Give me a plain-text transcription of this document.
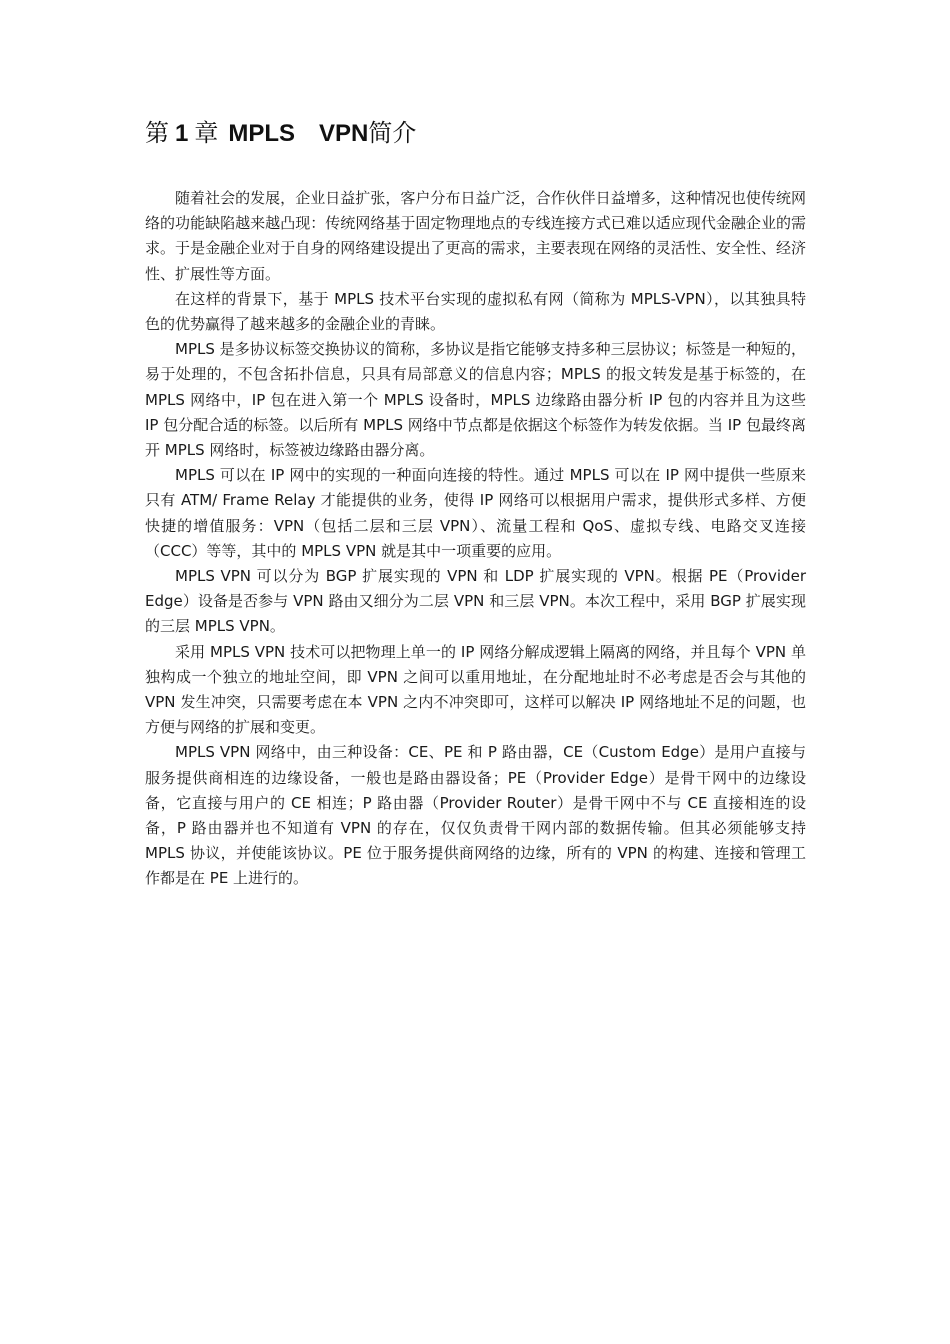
第 1 章 MPLS VPN简介

随着社会的发展，企业日益扩张，客户分布日益广泛，合作伙伴日益增多，这种情况也使传统网络的功能缺陷越来越凸现：传统网络基于固定物理地点的专线连接方式已难以适应现代金融企业的需求。于是金融企业对于自身的网络建设提出了更高的需求，主要表现在网络的灵活性、安全性、经济性、扩展性等方面。

在这样的背景下，基于 MPLS 技术平台实现的虚拟私有网（简称为 MPLS-VPN），以其独具特色的优势赢得了越来越多的金融企业的青睐。

MPLS 是多协议标签交换协议的简称，多协议是指它能够支持多种三层协议；标签是一种短的，易于处理的，不包含拓扑信息，只具有局部意义的信息内容；MPLS 的报文转发是基于标签的，在 MPLS 网络中，IP 包在进入第一个 MPLS 设备时，MPLS 边缘路由器分析 IP 包的内容并且为这些 IP 包分配合适的标签。以后所有 MPLS 网络中节点都是依据这个标签作为转发依据。当 IP 包最终离开 MPLS 网络时，标签被边缘路由器分离。

MPLS 可以在 IP 网中的实现的一种面向连接的特性。通过 MPLS 可以在 IP 网中提供一些原来只有 ATM/ Frame Relay 才能提供的业务，使得 IP 网络可以根据用户需求，提供形式多样、方便快捷的增值服务：VPN（包括二层和三层 VPN）、流量工程和 QoS、虚拟专线、电路交叉连接（CCC）等等，其中的 MPLS VPN 就是其中一项重要的应用。

MPLS VPN 可以分为 BGP 扩展实现的 VPN 和 LDP 扩展实现的 VPN。根据 PE（Provider Edge）设备是否参与 VPN 路由又细分为二层 VPN 和三层 VPN。本次工程中，采用 BGP 扩展实现的三层 MPLS VPN。

采用 MPLS VPN 技术可以把物理上单一的 IP 网络分解成逻辑上隔离的网络，并且每个 VPN 单独构成一个独立的地址空间，即 VPN 之间可以重用地址，在分配地址时不必考虑是否会与其他的 VPN 发生冲突，只需要考虑在本 VPN 之内不冲突即可，这样可以解决 IP 网络地址不足的问题，也方便与网络的扩展和变更。

MPLS VPN 网络中，由三种设备：CE、PE 和 P 路由器，CE（Custom Edge）是用户直接与服务提供商相连的边缘设备，一般也是路由器设备；PE（Provider Edge）是骨干网中的边缘设备，它直接与用户的 CE 相连；P 路由器（Provider Router）是骨干网中不与 CE 直接相连的设备，P 路由器并也不知道有 VPN 的存在，仅仅负责骨干网内部的数据传输。但其必须能够支持 MPLS 协议，并使能该协议。PE 位于服务提供商网络的边缘，所有的 VPN 的构建、连接和管理工作都是在 PE 上进行的。
